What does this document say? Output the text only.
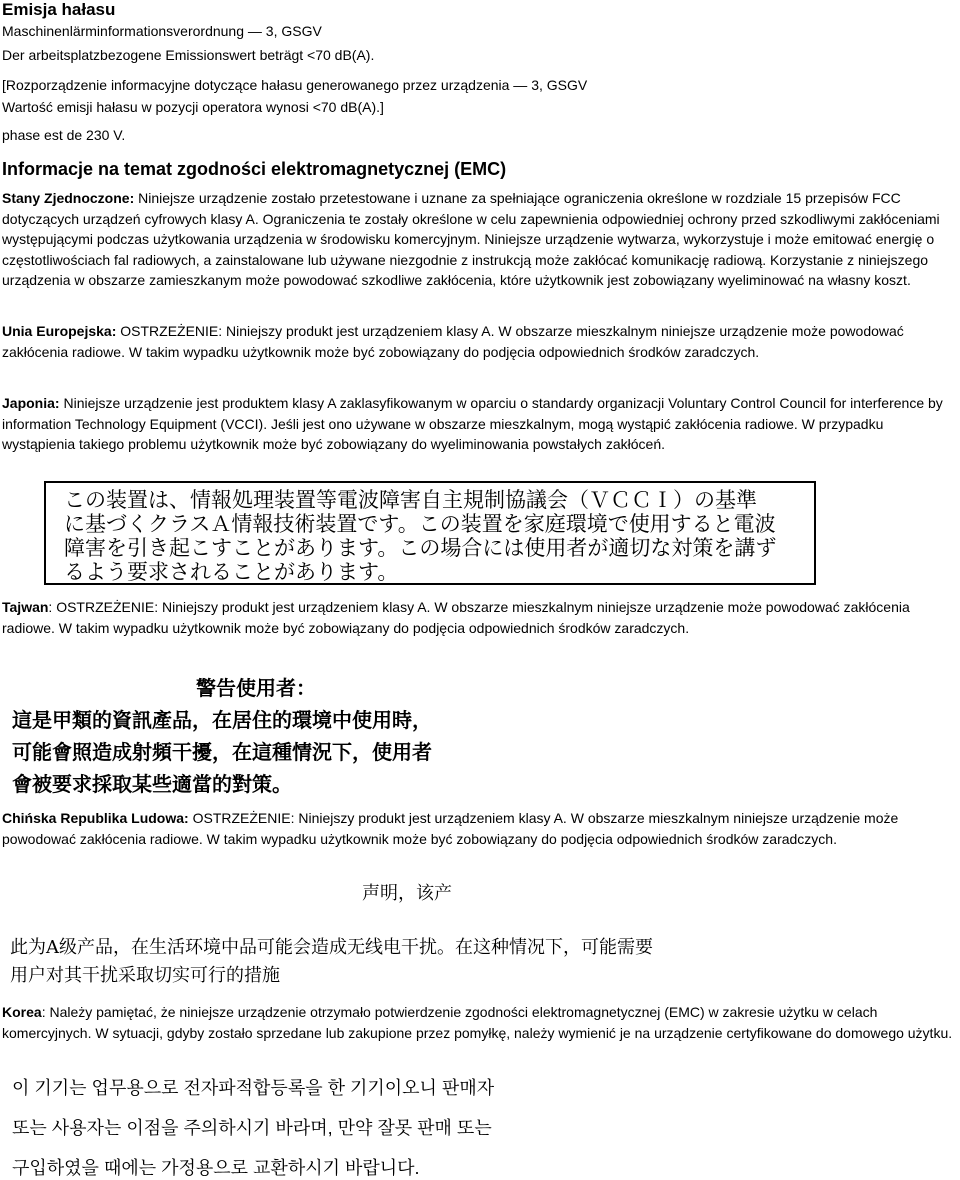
Emisja hałasu
Maschinenlärminformationsverordnung — 3, GSGV
Der arbeitsplatzbezogene Emissionswert beträgt <70 dB(A).
[Rozporządzenie informacyjne dotyczące hałasu generowanego przez urządzenia — 3, GSGV
Wartość emisji hałasu w pozycji operatora wynosi <70 dB(A).]
phase est de 230 V.
Informacje na temat zgodności elektromagnetycznej (EMC)
Stany Zjednoczone: Niniejsze urządzenie zostało przetestowane i uznane za spełniające ograniczenia określone w rozdziale 15 przepisów FCC dotyczących urządzeń cyfrowych klasy A. Ograniczenia te zostały określone w celu zapewnienia odpowiedniej ochrony przed szkodliwymi zakłóceniami występującymi podczas użytkowania urządzenia w środowisku komercyjnym. Niniejsze urządzenie wytwarza, wykorzystuje i może emitować energię o częstotliwościach fal radiowych, a zainstalowane lub używane niezgodnie z instrukcją może zakłócać komunikację radiową. Korzystanie z niniejszego urządzenia w obszarze zamieszkanym może powodować szkodliwe zakłócenia, które użytkownik jest zobowiązany wyeliminować na własny koszt.
Unia Europejska: OSTRZEŻENIE: Niniejszy produkt jest urządzeniem klasy A. W obszarze mieszkalnym niniejsze urządzenie może powodować zakłócenia radiowe. W takim wypadku użytkownik może być zobowiązany do podjęcia odpowiednich środków zaradczych.
Japonia: Niniejsze urządzenie jest produktem klasy A zaklasyfikowanym w oparciu o standardy organizacji Voluntary Control Council for interference by information Technology Equipment (VCCI). Jeśli jest ono używane w obszarze mieszkalnym, mogą wystąpić zakłócenia radiowe. W przypadku wystąpienia takiego problemu użytkownik może być zobowiązany do wyeliminowania powstałych zakłóceń.
この装置は、情報処理装置等電波障害自主規制協議会（ＶＣＣＩ）の基準
に基づくクラスＡ情報技術装置です。この装置を家庭環境で使用すると電波
障害を引き起こすことがあります。この場合には使用者が適切な対策を講ず
るよう要求されることがあります。
Tajwan: OSTRZEŻENIE: Niniejszy produkt jest urządzeniem klasy A. W obszarze mieszkalnym niniejsze urządzenie może powodować zakłócenia radiowe. W takim wypadku użytkownik może być zobowiązany do podjęcia odpowiednich środków zaradczych.
警告使用者：
這是甲類的資訊產品，在居住的環境中使用時，
可能會照造成射頻干擾，在這種情況下，使用者
會被要求採取某些適當的對策。
Chińska Republika Ludowa: OSTRZEŻENIE: Niniejszy produkt jest urządzeniem klasy A. W obszarze mieszkalnym niniejsze urządzenie może powodować zakłócenia radiowe. W takim wypadku użytkownik może być zobowiązany do podjęcia odpowiednich środków zaradczych.
声明，该产
此为A级产品，在生活环境中品可能会造成无线电干扰。在这种情况下，可能需要
用户对其干扰采取切实可行的措施
Korea: Należy pamiętać, że niniejsze urządzenie otrzymało potwierdzenie zgodności elektromagnetycznej (EMC) w zakresie użytku w celach komercyjnych. W sytuacji, gdyby zostało sprzedane lub zakupione przez pomyłkę, należy wymienić je na urządzenie certyfikowane do domowego użytku.
이 기기는 업무용으로 전자파적합등록을 한 기기이오니 판매자
또는 사용자는 이점을 주의하시기 바라며, 만약 잘못 판매 또는
구입하였을 때에는 가정용으로 교환하시기 바랍니다.
